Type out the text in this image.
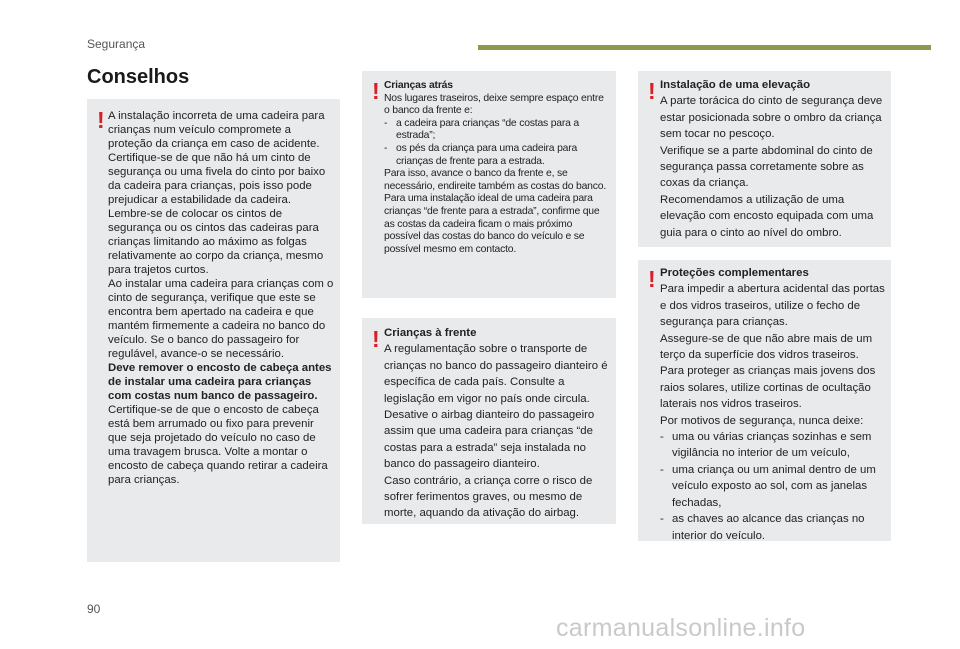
Segurança
Conselhos
! A instalação incorreta de uma cadeira para crianças num veículo compromete a proteção da criança em caso de acidente.

Certifique-se de que não há um cinto de segurança ou uma fivela do cinto por baixo da cadeira para crianças, pois isso pode prejudicar a estabilidade da cadeira.

Lembre-se de colocar os cintos de segurança ou os cintos das cadeiras para crianças limitando ao máximo as folgas relativamente ao corpo da criança, mesmo para trajetos curtos.

Ao instalar uma cadeira para crianças com o cinto de segurança, verifique que este se encontra bem apertado na cadeira e que mantém firmemente a cadeira no banco do veículo. Se o banco do passageiro for regulável, avance-o se necessário.

Deve remover o encosto de cabeça antes de instalar uma cadeira para crianças com costas num banco de passageiro.

Certifique-se de que o encosto de cabeça está bem arrumado ou fixo para prevenir que seja projetado do veículo no caso de uma travagem brusca. Volte a montar o encosto de cabeça quando retirar a cadeira para crianças.

! Crianças atrás

Nos lugares traseiros, deixe sempre espaço entre o banco da frente e:

- a cadeira para crianças “de costas para a estrada”;
- os pés da criança para uma cadeira para crianças de frente para a estrada.

Para isso, avance o banco da frente e, se necessário, endireite também as costas do banco.

Para uma instalação ideal de uma cadeira para crianças “de frente para a estrada”, confirme que as costas da cadeira ficam o mais próximo possível das costas do banco do veículo e se possível mesmo em contacto.

! Crianças à frente

A regulamentação sobre o transporte de crianças no banco do passageiro dianteiro é específica de cada país. Consulte a legislação em vigor no país onde circula.

Desative o airbag dianteiro do passageiro assim que uma cadeira para crianças “de costas para a estrada” seja instalada no banco do passageiro dianteiro.

Caso contrário, a criança corre o risco de sofrer ferimentos graves, ou mesmo de morte, aquando da ativação do airbag.

! Instalação de uma elevação

A parte torácica do cinto de segurança deve estar posicionada sobre o ombro da criança sem tocar no pescoço.

Verifique se a parte abdominal do cinto de segurança passa corretamente sobre as coxas da criança.

Recomendamos a utilização de uma elevação com encosto equipada com uma guia para o cinto ao nível do ombro.

! Proteções complementares

Para impedir a abertura acidental das portas e dos vidros traseiros, utilize o fecho de segurança para crianças.

Assegure-se de que não abre mais de um terço da superfície dos vidros traseiros.

Para proteger as crianças mais jovens dos raios solares, utilize cortinas de ocultação laterais nos vidros traseiros.

Por motivos de segurança, nunca deixe:

- uma ou várias crianças sozinhas e sem vigilância no interior de um veículo,
- uma criança ou um animal dentro de um veículo exposto ao sol, com as janelas fechadas,
- as chaves ao alcance das crianças no interior do veículo.
90
carmanualsonline.info
